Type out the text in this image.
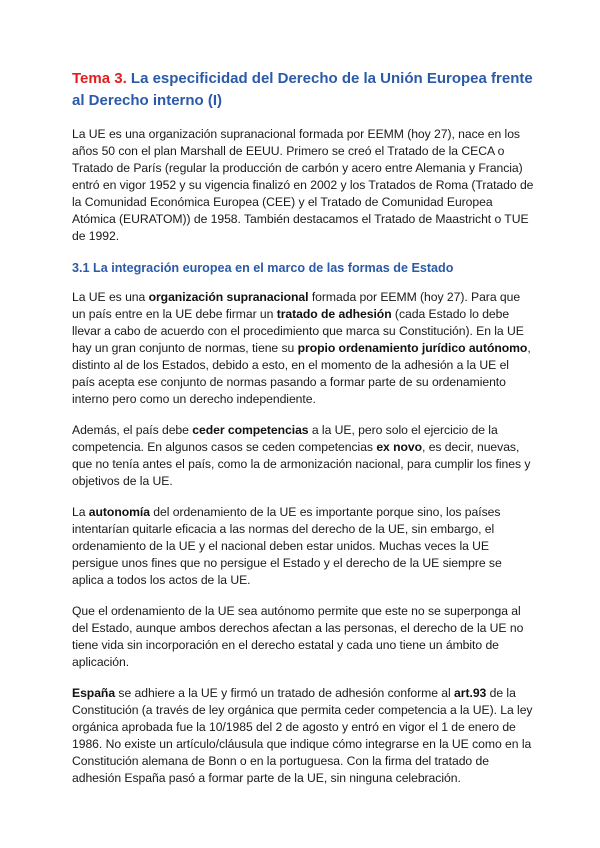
Tema 3. La especificidad del Derecho de la Unión Europea frente al Derecho interno (I)

La UE es una organización supranacional formada por EEMM (hoy 27), nace en los años 50 con el plan Marshall de EEUU. Primero se creó el Tratado de la CECA o Tratado de París (regular la producción de carbón y acero entre Alemania y Francia) entró en vigor 1952 y su vigencia finalizó en 2002 y los Tratados de Roma (Tratado de la Comunidad Económica Europea (CEE) y el Tratado de Comunidad Europea Atómica (EURATOM)) de 1958. También destacamos el Tratado de Maastricht o TUE de 1992.

3.1 La integración europea en el marco de las formas de Estado

La UE es una organización supranacional formada por EEMM (hoy 27). Para que un país entre en la UE debe firmar un tratado de adhesión (cada Estado lo debe llevar a cabo de acuerdo con el procedimiento que marca su Constitución). En la UE hay un gran conjunto de normas, tiene su propio ordenamiento jurídico autónomo, distinto al de los Estados, debido a esto, en el momento de la adhesión a la UE el país acepta ese conjunto de normas pasando a formar parte de su ordenamiento interno pero como un derecho independiente.

Además, el país debe ceder competencias a la UE, pero solo el ejercicio de la competencia. En algunos casos se ceden competencias ex novo, es decir, nuevas, que no tenía antes el país, como la de armonización nacional, para cumplir los fines y objetivos de la UE.

La autonomía del ordenamiento de la UE es importante porque sino, los países intentarían quitarle eficacia a las normas del derecho de la UE, sin embargo, el ordenamiento de la UE y el nacional deben estar unidos. Muchas veces la UE persigue unos fines que no persigue el Estado y el derecho de la UE siempre se aplica a todos los actos de la UE.

Que el ordenamiento de la UE sea autónomo permite que este no se superponga al del Estado, aunque ambos derechos afectan a las personas, el derecho de la UE no tiene vida sin incorporación en el derecho estatal y cada uno tiene un ámbito de aplicación.

España se adhiere a la UE y firmó un tratado de adhesión conforme al art.93 de la Constitución (a través de ley orgánica que permita ceder competencia a la UE). La ley orgánica aprobada fue la 10/1985 del 2 de agosto y entró en vigor el 1 de enero de 1986. No existe un artículo/cláusula que indique cómo integrarse en la UE como en la Constitución alemana de Bonn o en la portuguesa. Con la firma del tratado de adhesión España pasó a formar parte de la UE, sin ninguna celebración.
